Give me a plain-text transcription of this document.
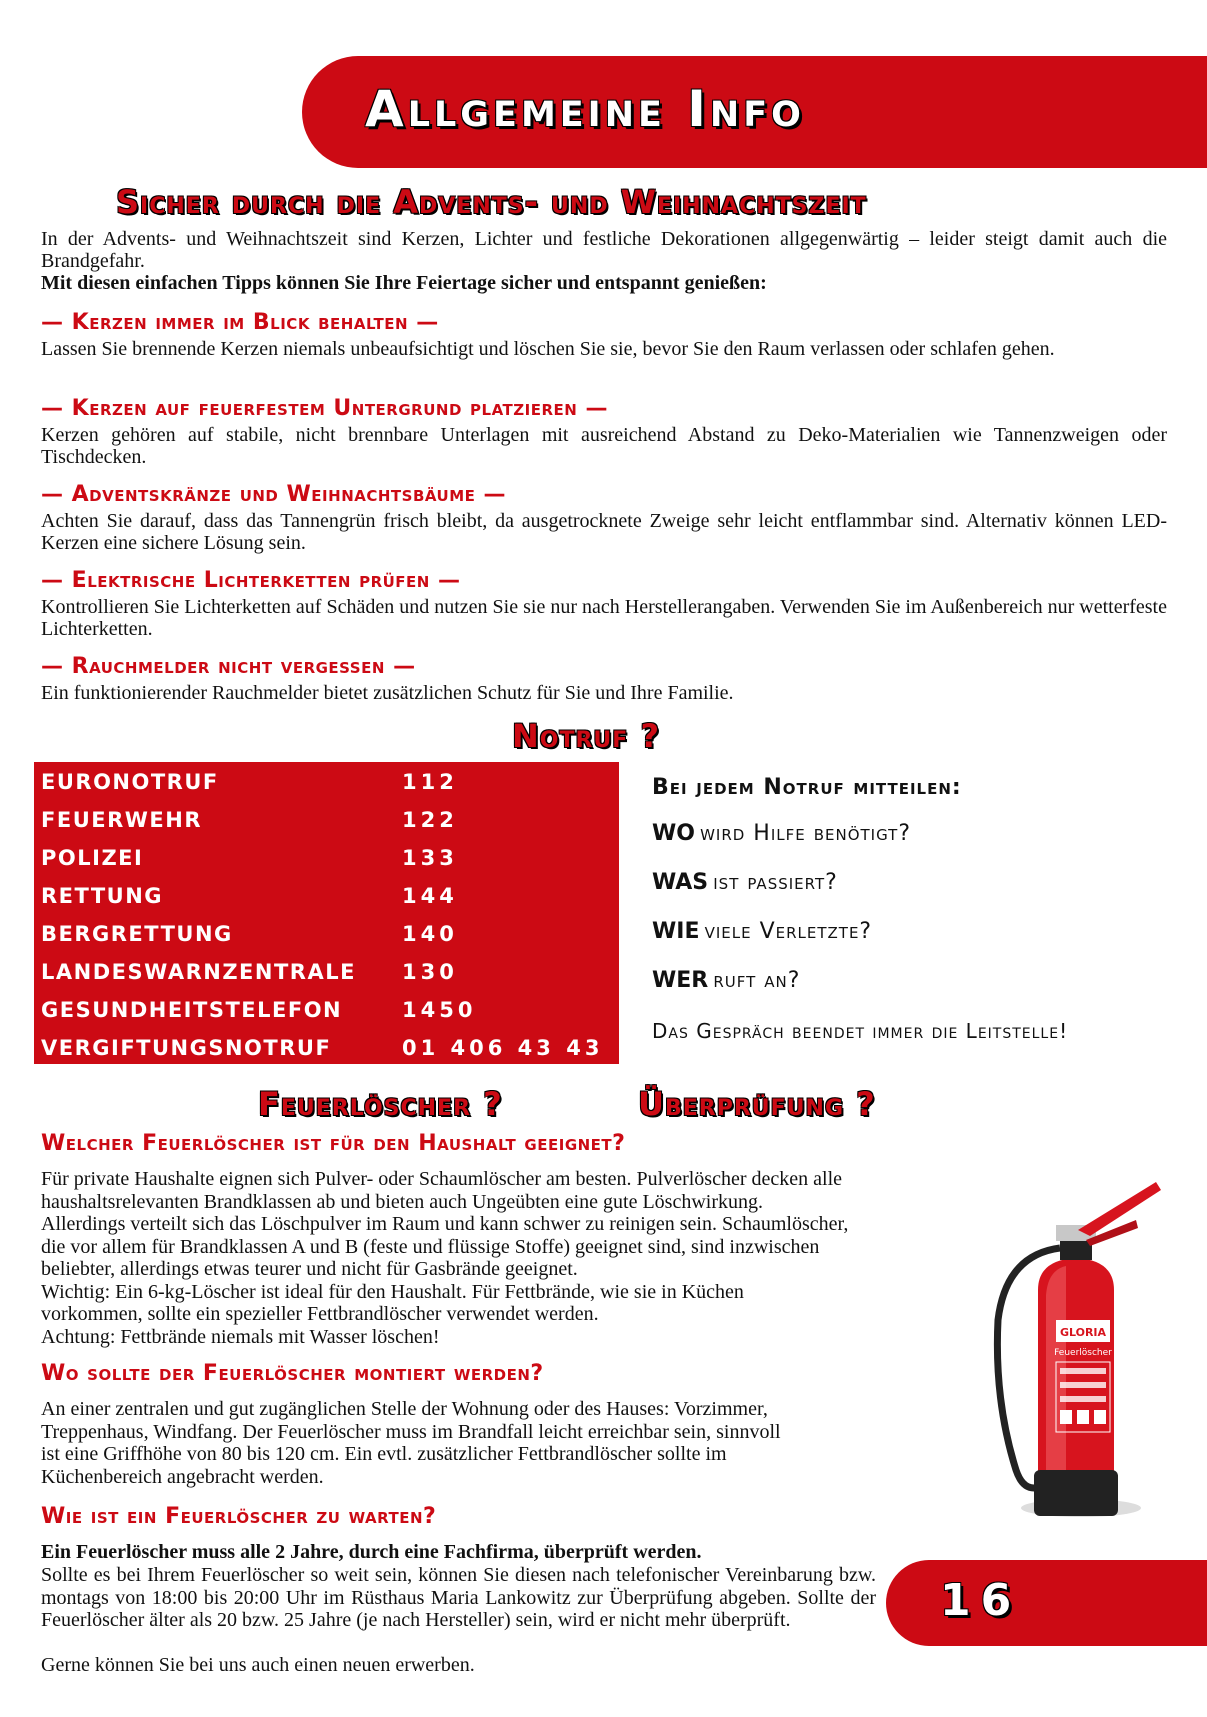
Allgemeine Info
Sicher durch die Advents- und Weihnachtszeit

In der Advents- und Weihnachtszeit sind Kerzen, Lichter und festliche Dekorationen allgegenwärtig – leider steigt damit auch die Brandgefahr.

Mit diesen einfachen Tipps können Sie Ihre Feiertage sicher und entspannt genießen:

— Kerzen immer im Blick behalten —

Lassen Sie brennende Kerzen niemals unbeaufsichtigt und löschen Sie sie, bevor Sie den Raum verlassen oder schlafen gehen.

— Kerzen auf feuerfestem Untergrund platzieren —

Kerzen gehören auf stabile, nicht brennbare Unterlagen mit ausreichend Abstand zu Deko-Materialien wie Tannenzweigen oder Tischdecken.

— Adventskränze und Weihnachtsbäume —

Achten Sie darauf, dass das Tannengrün frisch bleibt, da ausgetrocknete Zweige sehr leicht entflammbar sind. Alternativ können LED-Kerzen eine sichere Lösung sein.

— Elektrische Lichterketten prüfen —

Kontrollieren Sie Lichterketten auf Schäden und nutzen Sie sie nur nach Herstellerangaben. Verwenden Sie im Außenbereich nur wetterfeste Lichterketten.

— Rauchmelder nicht vergessen —

Ein funktionierender Rauchmelder bietet zusätzlichen Schutz für Sie und Ihre Familie.

Notruf ?
EURONOTRUF	112
FEUERWEHR	122
POLIZEI	133
RETTUNG	144
BERGRETTUNG	140
LANDESWARNZENTRALE 130
GESUNDHEITSTELEFON	1450
VERGIFTUNGSNOTRUF	01 406 43 43
Bei jedem Notruf mitteilen:
WO wird Hilfe benötigt?
WAS ist passiert?
WIE viele Verletzte?
WER ruft an?
Das Gespräch beendet immer die Leitstelle!
Feuerlöscher ?	Überprüfung ?
Welcher Feuerlöscher ist für den Haushalt geeignet?
Für private Haushalte eignen sich Pulver- oder Schaumlöscher am besten. Pulverlöscher decken alle
haushaltsrelevanten Brandklassen ab und bieten auch Ungeübten eine gute Löschwirkung.
Allerdings verteilt sich das Löschpulver im Raum und kann schwer zu reinigen sein. Schaumlöscher,
die vor allem für Brandklassen A und B (feste und flüssige Stoffe) geeignet sind, sind inzwischen
beliebter, allerdings etwas teurer und nicht für Gasbrände geeignet.
Wichtig: Ein 6-kg-Löscher ist ideal für den Haushalt. Für Fettbrände, wie sie in Küchen
vorkommen, sollte ein spezieller Fettbrandlöscher verwendet werden.
Achtung: Fettbrände niemals mit Wasser löschen!
Wo sollte der Feuerlöscher montiert werden?
An einer zentralen und gut zugänglichen Stelle der Wohnung oder des Hauses: Vorzimmer,
Treppenhaus, Windfang. Der Feuerlöscher muss im Brandfall leicht erreichbar sein, sinnvoll
ist eine Griffhöhe von 80 bis 120 cm. Ein evtl. zusätzlicher Fettbrandlöscher sollte im
Küchenbereich angebracht werden.
Wie ist ein Feuerlöscher zu warten?

Ein Feuerlöscher muss alle 2 Jahre, durch eine Fachfirma, überprüft werden.

Sollte es bei Ihrem Feuerlöscher so weit sein, können Sie diesen nach telefonischer Vereinbarung bzw. montags von 18:00 bis 20:00 Uhr im Rüsthaus Maria Lankowitz zur Überprüfung abgeben. Sollte der Feuerlöscher älter als 20 bzw. 25 Jahre (je nach Hersteller) sein, wird er nicht mehr überprüft.

Gerne können Sie bei uns auch einen neuen erwerben.

GLORIA
Feuerlöscher
16
